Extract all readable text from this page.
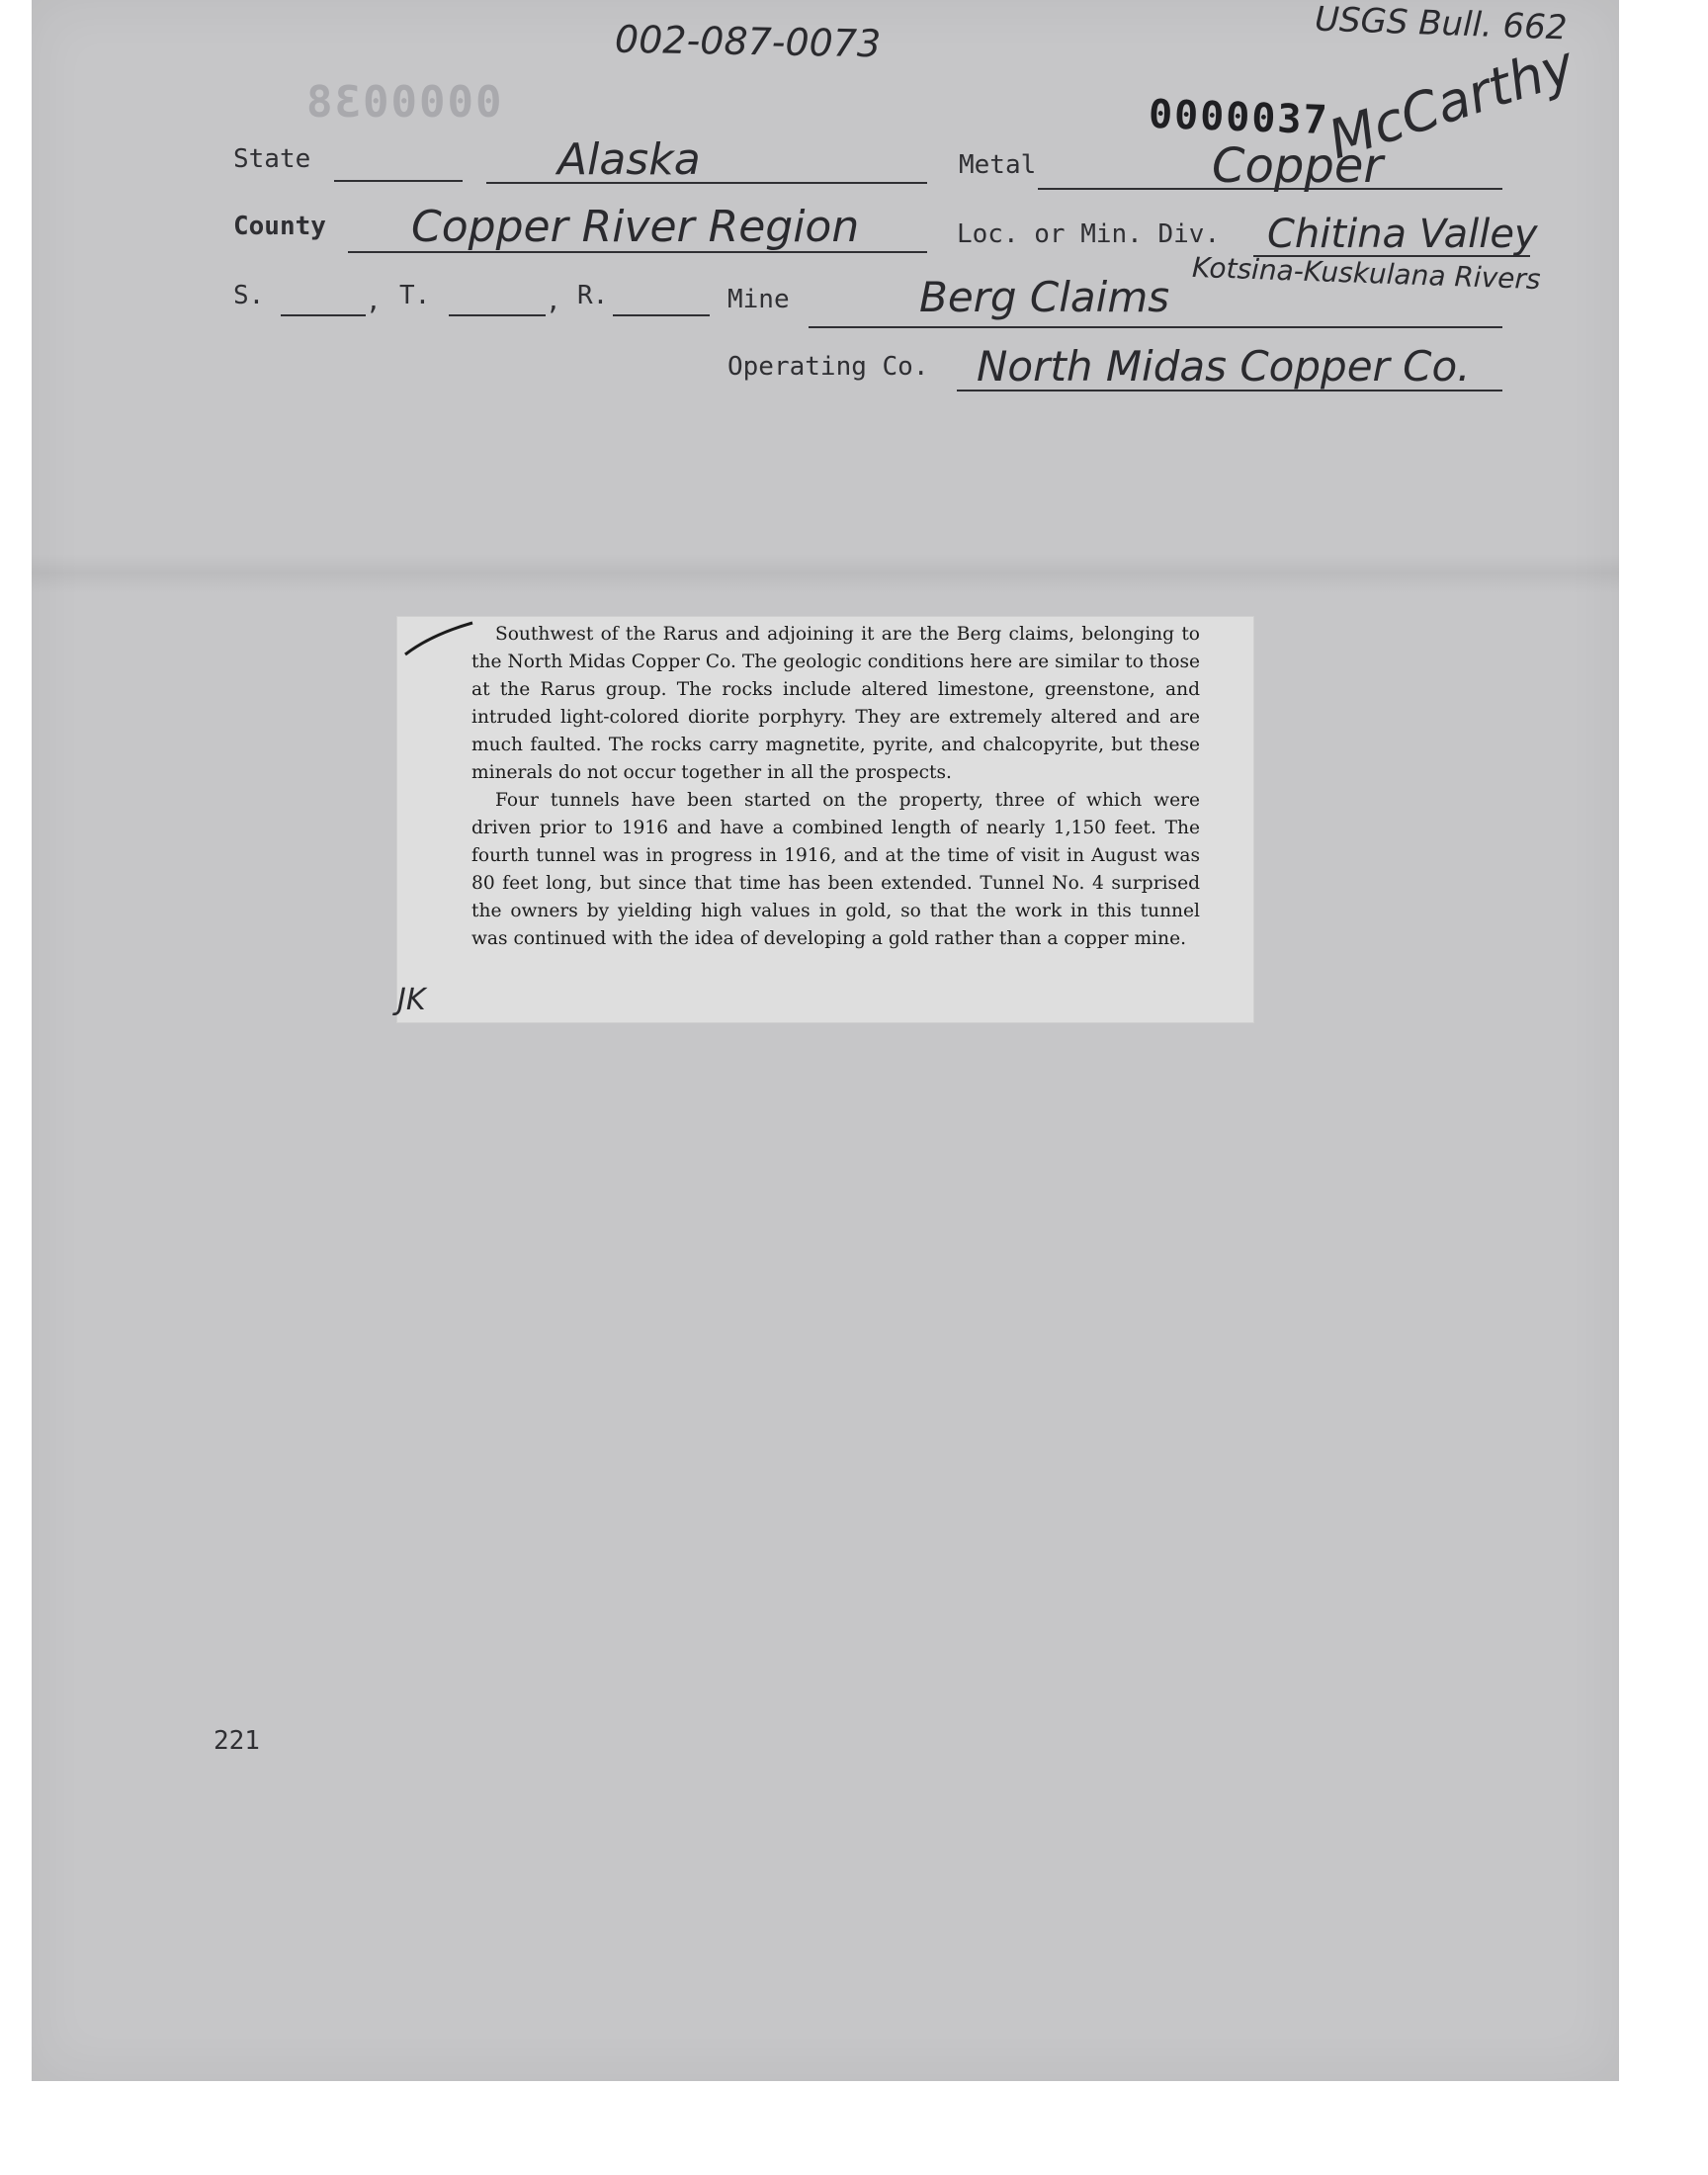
002-087-0073	USGS Bull. 662
McCarthy
0000038	0000037
State	Alaska	Metal	Copper
County Copper River Region	Loc. or Min. Div. Chitina Valley
Kotsina-Kuskulana Rivers
S.	, T.	, R.	Mine	Berg Claims
Operating Co. North Midas Copper Co.

Southwest of the Rarus and adjoining it are the Berg claims, belonging to the North Midas Copper Co. The geologic conditions here are similar to those at the Rarus group. The rocks include altered limestone, greenstone, and intruded light-colored diorite porphyry. They are extremely altered and are much faulted. The rocks carry magnetite, pyrite, and chalcopyrite, but these minerals do not occur together in all the prospects.

Four tunnels have been started on the property, three of which were driven prior to 1916 and have a combined length of nearly 1,150 feet. The fourth tunnel was in progress in 1916, and at the time of visit in August was 80 feet long, but since that time has been extended. Tunnel No. 4 surprised the owners by yielding high values in gold, so that the work in this tunnel was continued with the idea of developing a gold rather than a copper mine.

JK
221
